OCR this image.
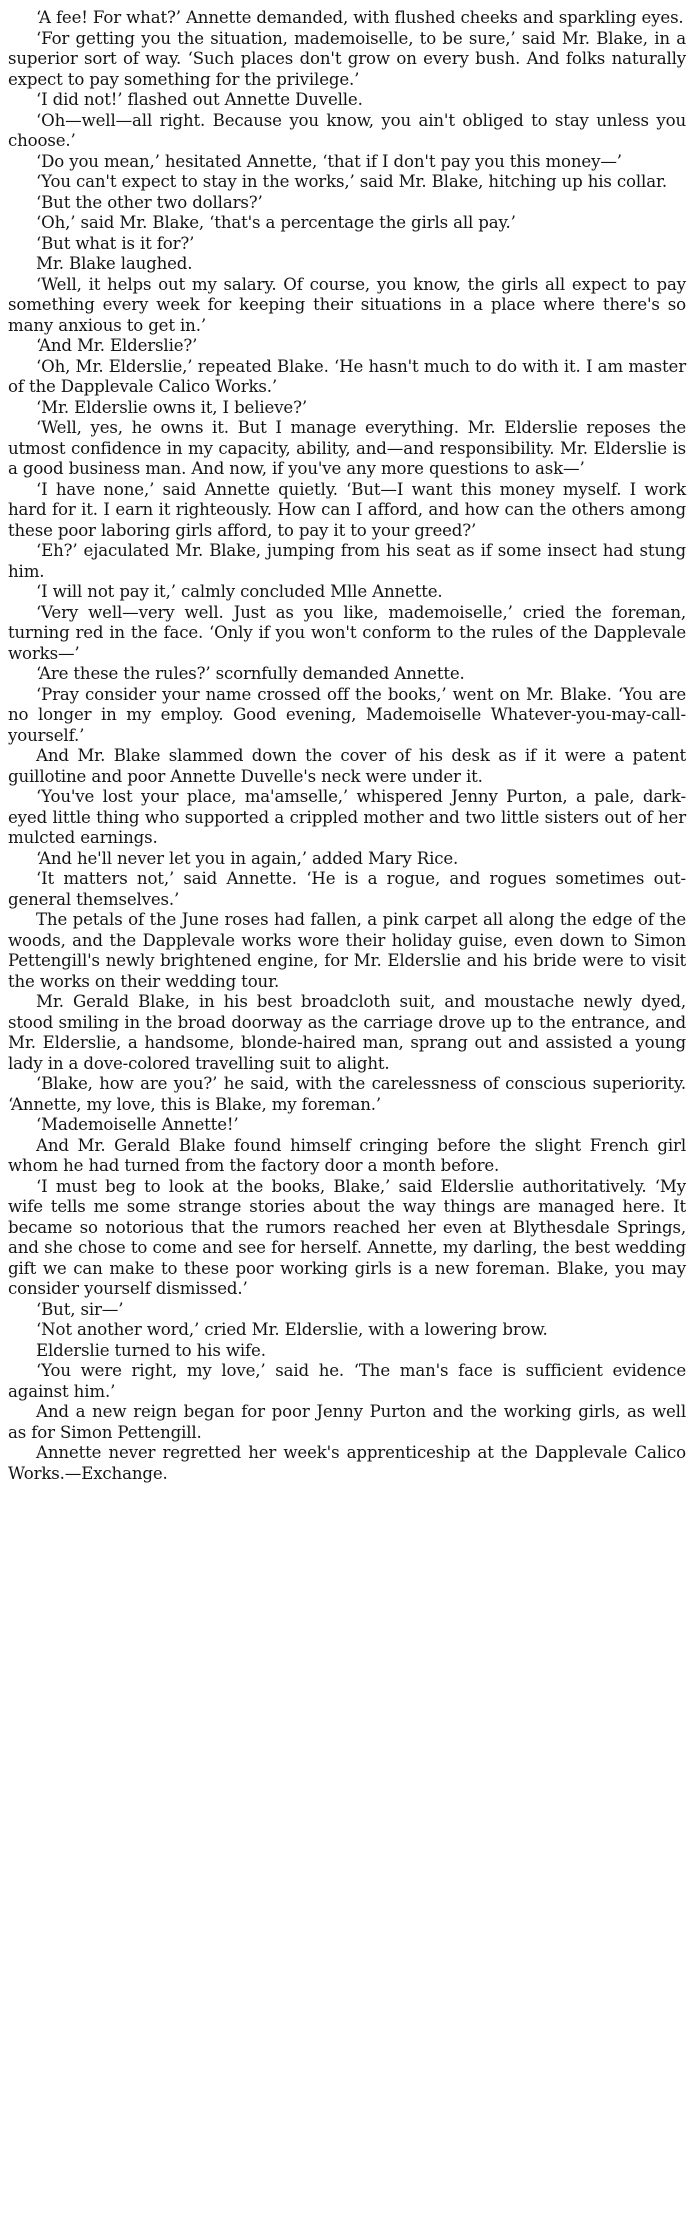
‘A fee! For what?’ Annette demanded, with flushed cheeks and sparkling eyes.

‘For getting you the situation, mademoiselle, to be sure,’ said Mr. Blake, in a superior sort of way. ‘Such places don't grow on every bush. And folks naturally expect to pay something for the privilege.’

‘I did not!’ flashed out Annette Duvelle.

‘Oh—well—all right. Because you know, you ain't obliged to stay unless you choose.’

‘Do you mean,’ hesitated Annette, ‘that if I don't pay you this money—’

‘You can't expect to stay in the works,’ said Mr. Blake, hitching up his collar.

‘But the other two dollars?’

‘Oh,’ said Mr. Blake, ‘that's a percentage the girls all pay.’

‘But what is it for?’

Mr. Blake laughed.

‘Well, it helps out my salary. Of course, you know, the girls all expect to pay something every week for keeping their situations in a place where there's so many anxious to get in.’

‘And Mr. Elderslie?’

‘Oh, Mr. Elderslie,’ repeated Blake. ‘He hasn't much to do with it. I am master of the Dapplevale Calico Works.’

‘Mr. Elderslie owns it, I believe?’

‘Well, yes, he owns it. But I manage everything. Mr. Elderslie reposes the utmost confidence in my capacity, ability, and—and responsibility. Mr. Elderslie is a good business man. And now, if you've any more questions to ask—’

‘I have none,’ said Annette quietly. ‘But—I want this money myself. I work hard for it. I earn it righteously. How can I afford, and how can the others among these poor laboring girls afford, to pay it to your greed?’

‘Eh?’ ejaculated Mr. Blake, jumping from his seat as if some insect had stung him.

‘I will not pay it,’ calmly concluded Mlle Annette.

‘Very well—very well. Just as you like, mademoiselle,’ cried the foreman, turning red in the face. ‘Only if you won't conform to the rules of the Dapplevale works—’

‘Are these the rules?’ scornfully demanded Annette.

‘Pray consider your name crossed off the books,’ went on Mr. Blake. ‘You are no longer in my employ. Good evening, Mademoiselle Whatever-you-may-call-yourself.’

And Mr. Blake slammed down the cover of his desk as if it were a patent guillotine and poor Annette Duvelle's neck were under it.

‘You've lost your place, ma'amselle,’ whispered Jenny Purton, a pale, dark-eyed little thing who supported a crippled mother and two little sisters out of her mulcted earnings.

‘And he'll never let you in again,’ added Mary Rice.

‘It matters not,’ said Annette. ‘He is a rogue, and rogues sometimes out-general themselves.’

The petals of the June roses had fallen, a pink carpet all along the edge of the woods, and the Dapplevale works wore their holiday guise, even down to Simon Pettengill's newly brightened engine, for Mr. Elderslie and his bride were to visit the works on their wedding tour.

Mr. Gerald Blake, in his best broadcloth suit, and moustache newly dyed, stood smiling in the broad doorway as the carriage drove up to the entrance, and Mr. Elderslie, a handsome, blonde-haired man, sprang out and assisted a young lady in a dove-colored travelling suit to alight.

‘Blake, how are you?’ he said, with the carelessness of conscious superiority. ‘Annette, my love, this is Blake, my foreman.’

‘Mademoiselle Annette!’

And Mr. Gerald Blake found himself cringing before the slight French girl whom he had turned from the factory door a month before.

‘I must beg to look at the books, Blake,’ said Elderslie authoritatively. ‘My wife tells me some strange stories about the way things are managed here. It became so notorious that the rumors reached her even at Blythesdale Springs, and she chose to come and see for herself. Annette, my darling, the best wedding gift we can make to these poor working girls is a new foreman. Blake, you may consider yourself dismissed.’

‘But, sir—’

‘Not another word,’ cried Mr. Elderslie, with a lowering brow.

Elderslie turned to his wife.

‘You were right, my love,’ said he. ‘The man's face is sufficient evidence against him.’

And a new reign began for poor Jenny Purton and the working girls, as well as for Simon Pettengill.

Annette never regretted her week's apprenticeship at the Dapplevale Calico Works.—Exchange.
